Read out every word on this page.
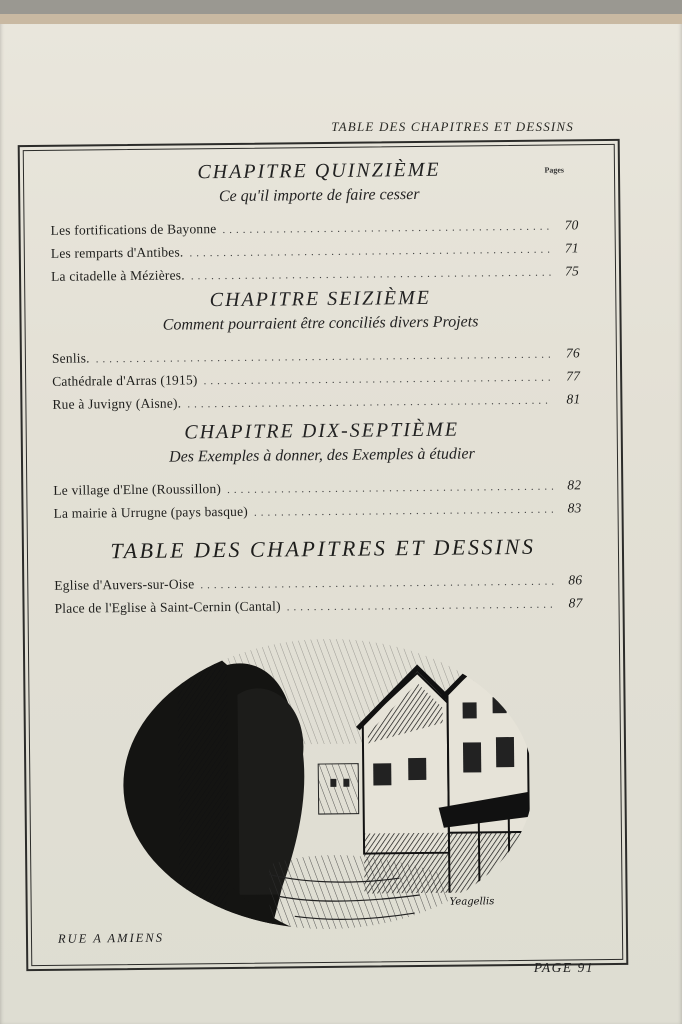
TABLE DES CHAPITRES ET DESSINS
Pages
CHAPITRE QUINZIÈME
Ce qu'il importe de faire cesser
Les fortifications de Bayonne .....	70
Les remparts d'Antibes. .....	71
La citadelle à Mézières. .....	75
CHAPITRE SEIZIÈME
Comment pourraient être conciliés divers Projets
Senlis. .....	76
Cathédrale d'Arras (1915) .....	77
Rue à Juvigny (Aisne). .....	81
CHAPITRE DIX-SEPTIÈME
Des Exemples à donner, des Exemples à étudier
Le village d'Elne (Roussillon) .....	82
La mairie à Urrugne (pays basque) .....	83
TABLE DES CHAPITRES ET DESSINS
Eglise d'Auvers-sur-Oise .....	86
Place de l'Eglise à Saint-Cernin (Cantal) .....	87
Yeagellis
RUE A AMIENS
PAGE 91
